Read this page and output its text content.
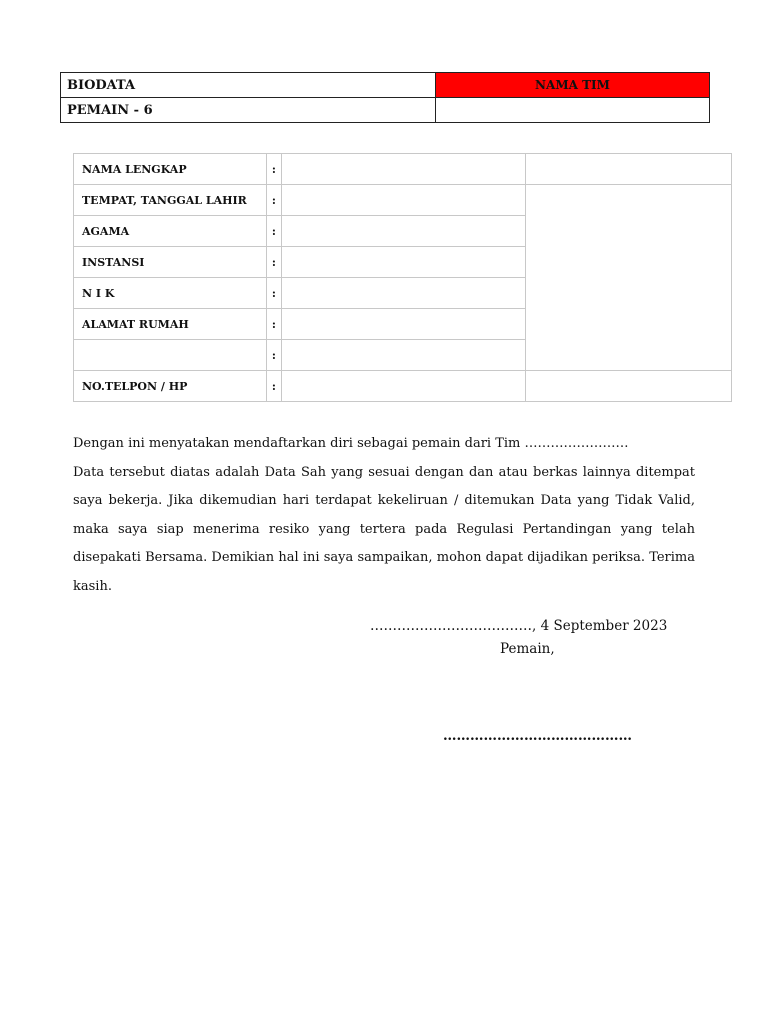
BIODATA	NAMA TIM
PEMAIN - 6	
NAMA LENGKAP	:		
TEMPAT, TANGGAL LAHIR	:		
AGAMA	:		
INSTANSI	:		
N I K	:		
ALAMAT RUMAH	:		
	:		
NO.TELPON / HP	:		

Dengan ini menyatakan mendaftarkan diri sebagai pemain dari Tim ……………………

Data tersebut diatas adalah Data Sah yang sesuai dengan dan atau berkas lainnya ditempat saya bekerja. Jika dikemudian hari terdapat kekeliruan / ditemukan Data yang Tidak Valid, maka saya siap menerima resiko yang tertera pada Regulasi Pertandingan yang telah disepakati Bersama. Demikian hal ini saya sampaikan, mohon dapat dijadikan periksa. Terima kasih.

………………………………, 4 September 2023
Pemain,
……………………………………
